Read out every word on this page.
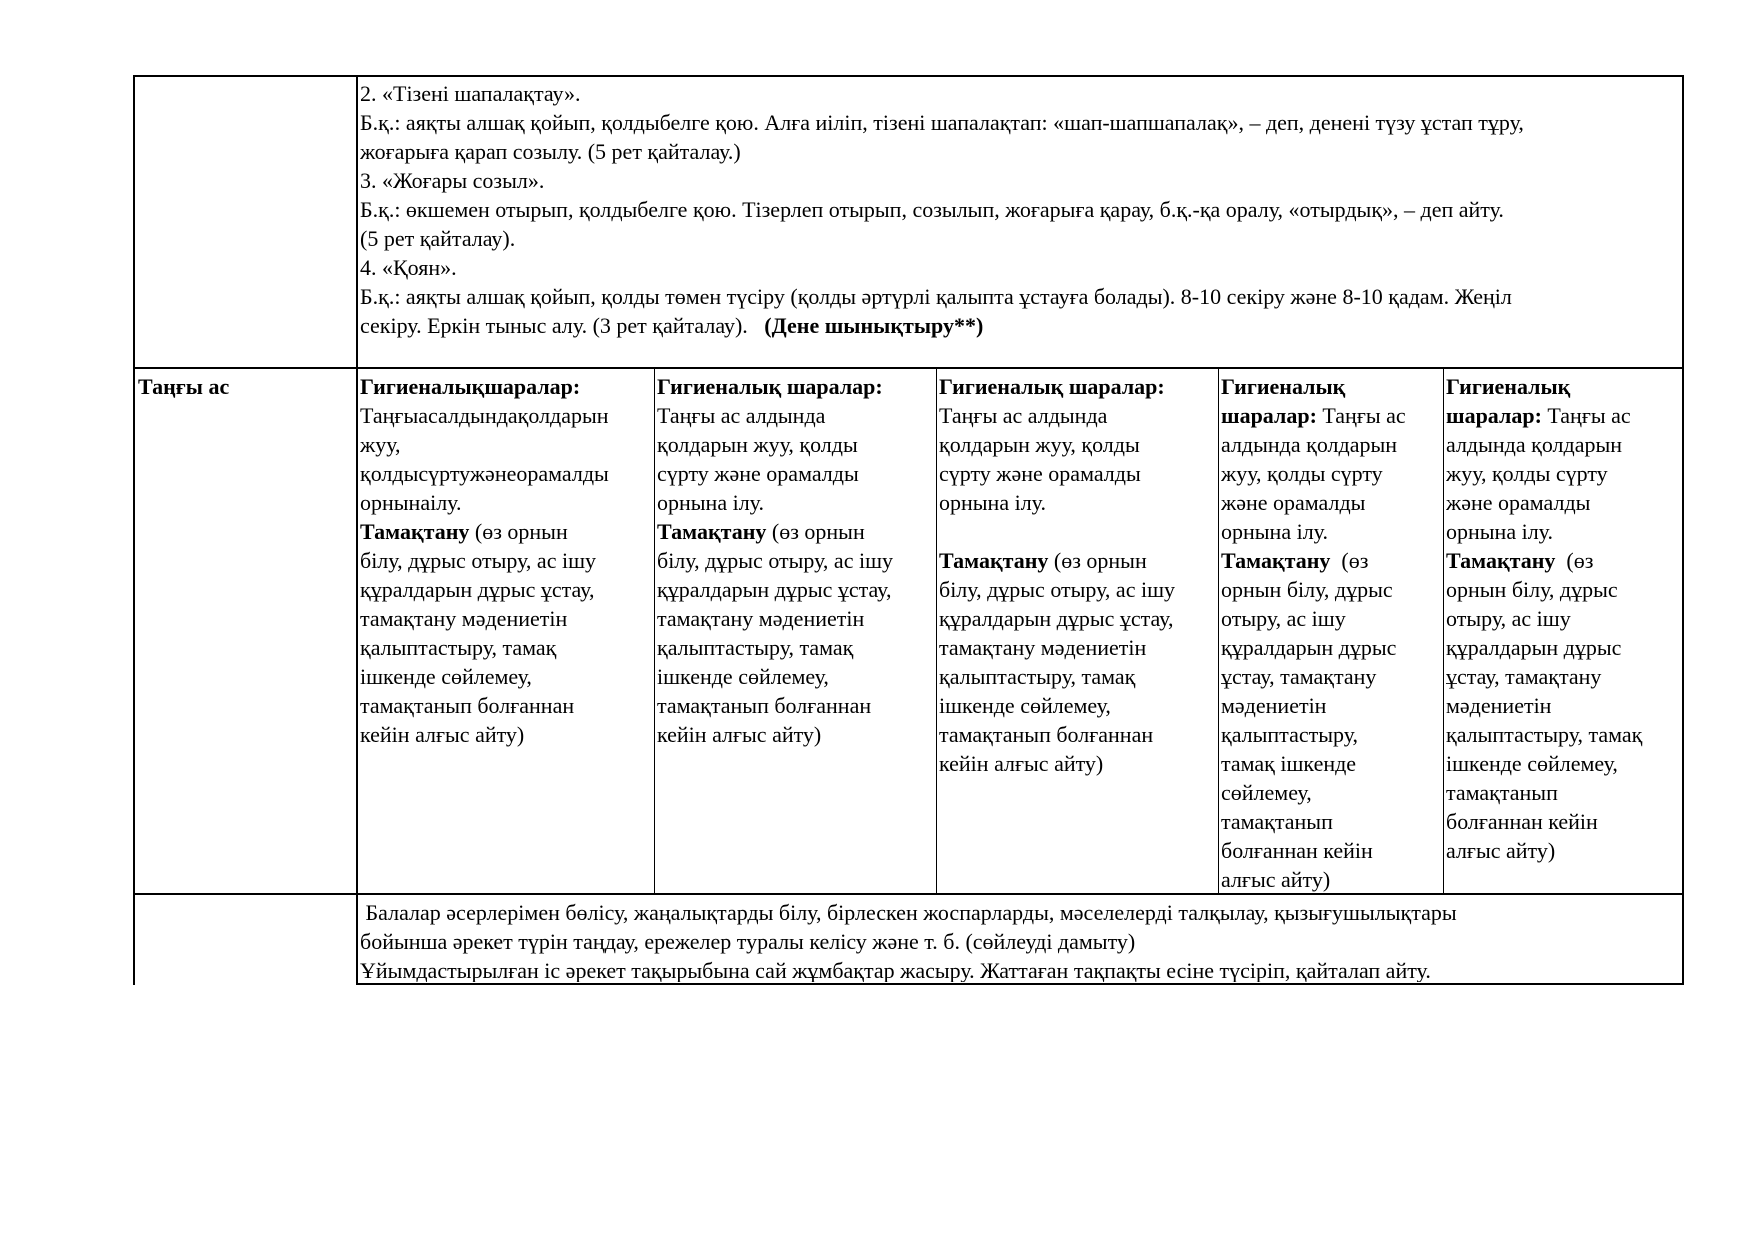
2. «Тізені шапалақтау».
Б.қ.: аяқты алшақ қойып, қолдыбелге қою. Алға иіліп, тізені шапалақтап: «шап-шапшапалақ», – деп, денені түзу ұстап тұру,
жоғарыға қарап созылу. (5 рет қайталау.)
3. «Жоғары созыл».
Б.қ.: өкшемен отырып, қолдыбелге қою. Тізерлеп отырып, созылып, жоғарыға қарау, б.қ.-қа оралу, «отырдық», – деп айту.
(5 рет қайталау).
4. «Қоян».
Б.қ.: аяқты алшақ қойып, қолды төмен түсіру (қолды әртүрлі қалыпта ұстауға болады). 8-10 секіру және 8-10 қадам. Жеңіл
секіру. Еркін тыныс алу. (3 рет қайталау). (Дене шынықтыру**)
Таңғы ас	Гигиеналықшаралар:
Таңғыасалдындақолдарын
жуу,
қолдысүртужәнеорамалды
орнынаілу.
Тамақтану (өз орнын
білу, дұрыс отыру, ас ішу
құралдарын дұрыс ұстау,
тамақтану мәдениетін
қалыптастыру, тамақ
ішкенде сөйлемеу,
тамақтанып болғаннан
кейін алғыс айту)
Гигиеналық шаралар:
Таңғы ас алдында
қолдарын жуу, қолды
сүрту және орамалды
орнына ілу.
Тамақтану (өз орнын
білу, дұрыс отыру, ас ішу
құралдарын дұрыс ұстау,
тамақтану мәдениетін
қалыптастыру, тамақ
ішкенде сөйлемеу,
тамақтанып болғаннан
кейін алғыс айту)
Гигиеналық шаралар:
Таңғы ас алдында
қолдарын жуу, қолды
сүрту және орамалды
орнына ілу.

Тамақтану (өз орнын
білу, дұрыс отыру, ас ішу
құралдарын дұрыс ұстау,
тамақтану мәдениетін
қалыптастыру, тамақ
ішкенде сөйлемеу,
тамақтанып болғаннан
кейін алғыс айту)
Гигиеналық
шаралар: Таңғы ас
алдында қолдарын
жуу, қолды сүрту
және орамалды
орнына ілу.
Тамақтану  (өз
орнын білу, дұрыс
отыру, ас ішу
құралдарын дұрыс
ұстау, тамақтану
мәдениетін
қалыптастыру,
тамақ ішкенде
сөйлемеу,
тамақтанып
болғаннан кейін
алғыс айту)
Гигиеналық
шаралар: Таңғы ас
алдында қолдарын
жуу, қолды сүрту
және орамалды
орнына ілу.
Тамақтану  (өз
орнын білу, дұрыс
отыру, ас ішу
құралдарын дұрыс
ұстау, тамақтану
мәдениетін
қалыптастыру, тамақ
ішкенде сөйлемеу,
тамақтанып
болғаннан кейін
алғыс айту)
Балалар әсерлерімен бөлісу, жаңалықтарды білу, бірлескен жоспарларды, мәселелерді талқылау, қызығушылықтары
бойынша әрекет түрін таңдау, ережелер туралы келісу және т. б. (сөйлеуді дамыту)
Ұйымдастырылған іс әрекет тақырыбына сай жұмбақтар жасыру. Жаттаған тақпақты есіне түсіріп, қайталап айту.
